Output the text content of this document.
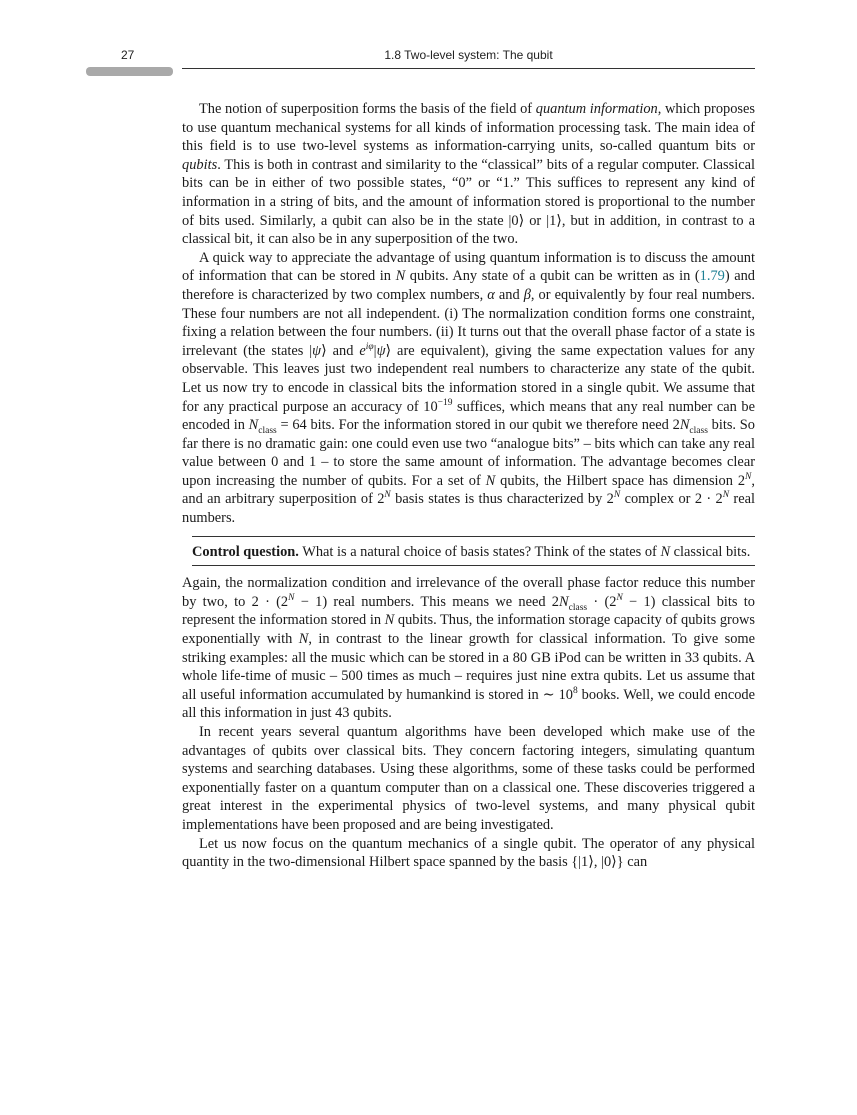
27	1.8 Two-level system: The qubit

The notion of superposition forms the basis of the field of quantum information, which proposes to use quantum mechanical systems for all kinds of information processing task. The main idea of this field is to use two-level systems as information-carrying units, so-called quantum bits or qubits. This is both in contrast and similarity to the “classical” bits of a regular computer. Classical bits can be in either of two possible states, “0” or “1.” This suffices to represent any kind of information in a string of bits, and the amount of information stored is proportional to the number of bits used. Similarly, a qubit can also be in the state |0⟩ or |1⟩, but in addition, in contrast to a classical bit, it can also be in any superposition of the two.

A quick way to appreciate the advantage of using quantum information is to discuss the amount of information that can be stored in N qubits. Any state of a qubit can be written as in (1.79) and therefore is characterized by two complex numbers, α and β, or equivalently by four real numbers. These four numbers are not all independent. (i) The normalization condition forms one constraint, fixing a relation between the four numbers. (ii) It turns out that the overall phase factor of a state is irrelevant (the states |ψ⟩ and $e^{i\varphi}|\psi⟩$ are equivalent), giving the same expectation values for any observable. This leaves just two independent real numbers to characterize any state of the qubit. Let us now try to encode in classical bits the information stored in a single qubit. We assume that for any practical purpose an accuracy of $10^{-19}$ suffices, which means that any real number can be encoded in $N_{class} = 64$ bits. For the information stored in our qubit we therefore need $2N_{class}$ bits. So far there is no dramatic gain: one could even use two “analogue bits” – bits which can take any real value between 0 and 1 – to store the same amount of information. The advantage becomes clear upon increasing the number of qubits. For a set of N qubits, the Hilbert space has dimension $2^N$, and an arbitrary superposition of $2^N$ basis states is thus characterized by $2^N$ complex or $2 \cdot 2^N$ real numbers.

Control question. What is a natural choice of basis states? Think of the states of N classical bits.

Again, the normalization condition and irrelevance of the overall phase factor reduce this number by two, to $2 \cdot (2^N - 1)$ real numbers. This means we need $2N_{class} \cdot (2^N - 1)$ classical bits to represent the information stored in N qubits. Thus, the information storage capacity of qubits grows exponentially with N, in contrast to the linear growth for classical information. To give some striking examples: all the music which can be stored in a 80 GB iPod can be written in 33 qubits. A whole life-time of music – 500 times as much – requires just nine extra qubits. Let us assume that all useful information accumulated by humankind is stored in ∼ $10^8$ books. Well, we could encode all this information in just 43 qubits.

In recent years several quantum algorithms have been developed which make use of the advantages of qubits over classical bits. They concern factoring integers, simulating quantum systems and searching databases. Using these algorithms, some of these tasks could be performed exponentially faster on a quantum computer than on a classical one. These discoveries triggered a great interest in the experimental physics of two-level systems, and many physical qubit implementations have been proposed and are being investigated.

Let us now focus on the quantum mechanics of a single qubit. The operator of any physical quantity in the two-dimensional Hilbert space spanned by the basis {|1⟩, |0⟩} can
